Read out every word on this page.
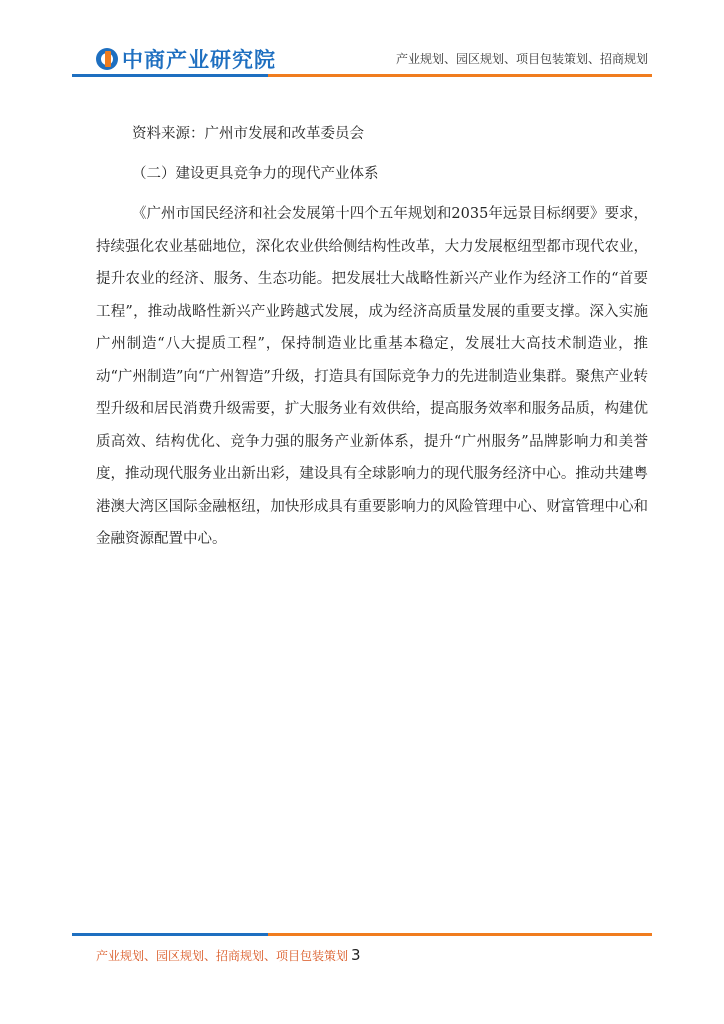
中商产业研究院	产业规划、园区规划、项目包装策划、招商规划

资料来源：广州市发展和改革委员会

（二）建设更具竞争力的现代产业体系

《广州市国民经济和社会发展第十四个五年规划和2035年远景目标纲要》要求，持续强化农业基础地位，深化农业供给侧结构性改革，大力发展枢纽型都市现代农业，提升农业的经济、服务、生态功能。把发展壮大战略性新兴产业作为经济工作的“首要工程”，推动战略性新兴产业跨越式发展，成为经济高质量发展的重要支撑。深入实施广州制造“八大提质工程”，保持制造业比重基本稳定，发展壮大高技术制造业，推动“广州制造”向“广州智造”升级，打造具有国际竞争力的先进制造业集群。聚焦产业转型升级和居民消费升级需要，扩大服务业有效供给，提高服务效率和服务品质，构建优质高效、结构优化、竞争力强的服务产业新体系，提升“广州服务”品牌影响力和美誉度，推动现代服务业出新出彩，建设具有全球影响力的现代服务经济中心。推动共建粤港澳大湾区国际金融枢纽，加快形成具有重要影响力的风险管理中心、财富管理中心和金融资源配置中心。

产业规划、园区规划、招商规划、项目包装策划 3
